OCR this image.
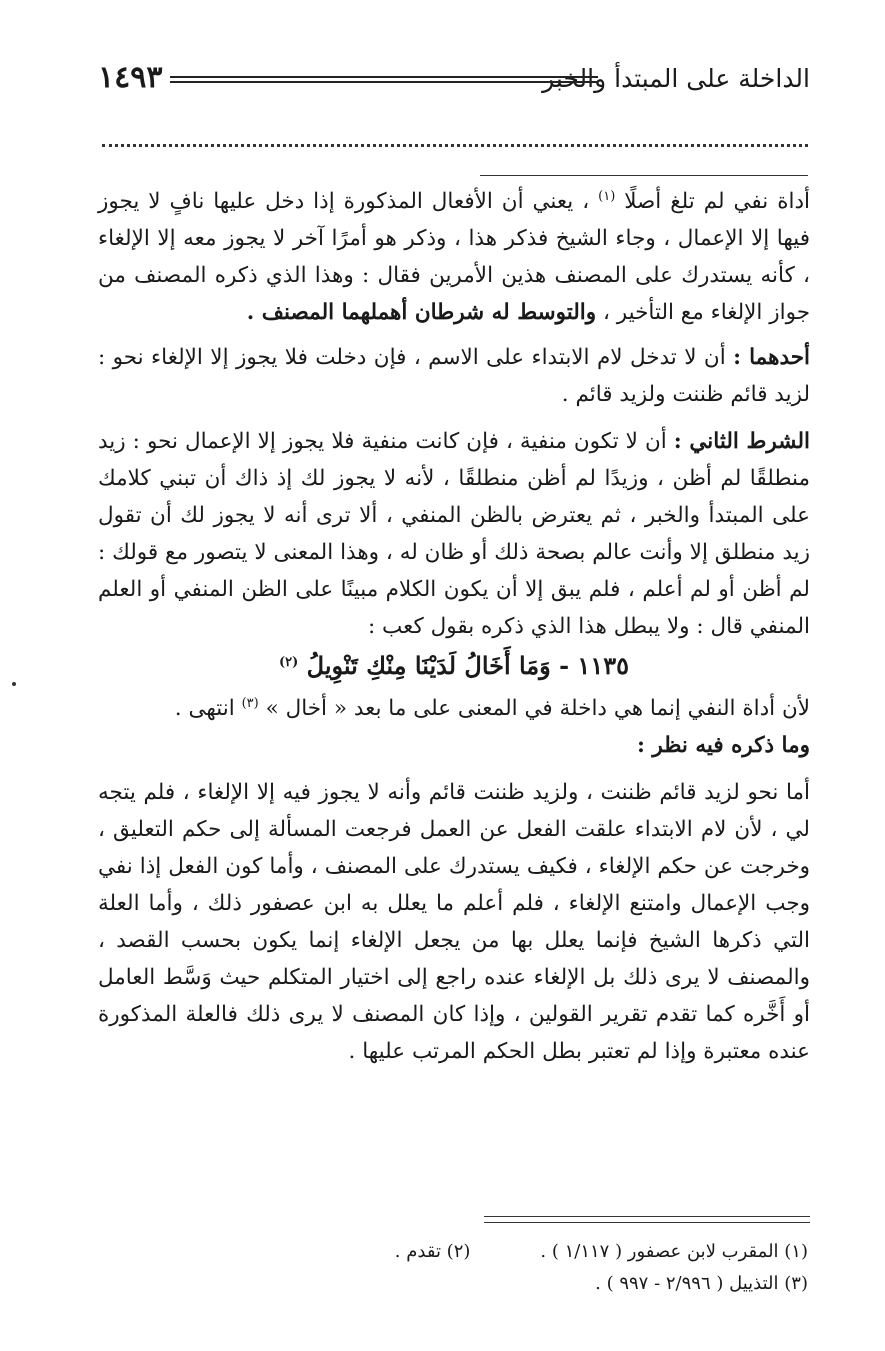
الداخلة على المبتدأ والخبر
١٤٩٣

أداة نفي لم تلغ أصلًا $^{(١)}$ ، يعني أن الأفعال المذكورة إذا دخل عليها نافٍ لا يجوز فيها إلا الإعمال ، وجاء الشيخ فذكر هذا ، وذكر هو أمرًا آخر لا يجوز معه إلا الإلغاء ، كأنه يستدرك على المصنف هذين الأمرين فقال : وهذا الذي ذكره المصنف من جواز الإلغاء مع التأخير ، والتوسط له شرطان أهملهما المصنف .

أحدهما : أن لا تدخل لام الابتداء على الاسم ، فإن دخلت فلا يجوز إلا الإلغاء نحو : لزيد قائم ظننت ولزيد قائم .

الشرط الثاني : أن لا تكون منفية ، فإن كانت منفية فلا يجوز إلا الإعمال نحو : زيد منطلقًا لم أظن ، وزيدًا لم أظن منطلقًا ، لأنه لا يجوز لك إذ ذاك أن تبني كلامك على المبتدأ والخبر ، ثم يعترض بالظن المنفي ، ألا ترى أنه لا يجوز لك أن تقول زيد منطلق إلا وأنت عالم بصحة ذلك أو ظان له ، وهذا المعنى لا يتصور مع قولك : لم أظن أو لم أعلم ، فلم يبق إلا أن يكون الكلام مبينًا على الظن المنفي أو العلم المنفي قال : ولا يبطل هذا الذي ذكره بقول كعب :

١١٣٥ - وَمَا أَخَالُ لَدَيْنَا مِنْكِ تَنْوِيلُ $^{(٢)}$

لأن أداة النفي إنما هي داخلة في المعنى على ما بعد « أخال » $^{(٣)}$ انتهى .

وما ذكره فيه نظر :

أما نحو لزيد قائم ظننت ، ولزيد ظننت قائم وأنه لا يجوز فيه إلا الإلغاء ، فلم يتجه لي ، لأن لام الابتداء علقت الفعل عن العمل فرجعت المسألة إلى حكم التعليق ، وخرجت عن حكم الإلغاء ، فكيف يستدرك على المصنف ، وأما كون الفعل إذا نفي وجب الإعمال وامتنع الإلغاء ، فلم أعلم ما يعلل به ابن عصفور ذلك ، وأما العلة التي ذكرها الشيخ فإنما يعلل بها من يجعل الإلغاء إنما يكون بحسب القصد ، والمصنف لا يرى ذلك بل الإلغاء عنده راجع إلى اختيار المتكلم حيث وَسَّط العامل أو أَخَّره كما تقدم تقرير القولين ، وإذا كان المصنف لا يرى ذلك فالعلة المذكورة عنده معتبرة وإذا لم تعتبر بطل الحكم المرتب عليها .

(١) المقرب لابن عصفور ( ١/١١٧ ) .
(٢) تقدم .
(٣) التذييل ( ٢/٩٩٦ - ٩٩٧ ) .
